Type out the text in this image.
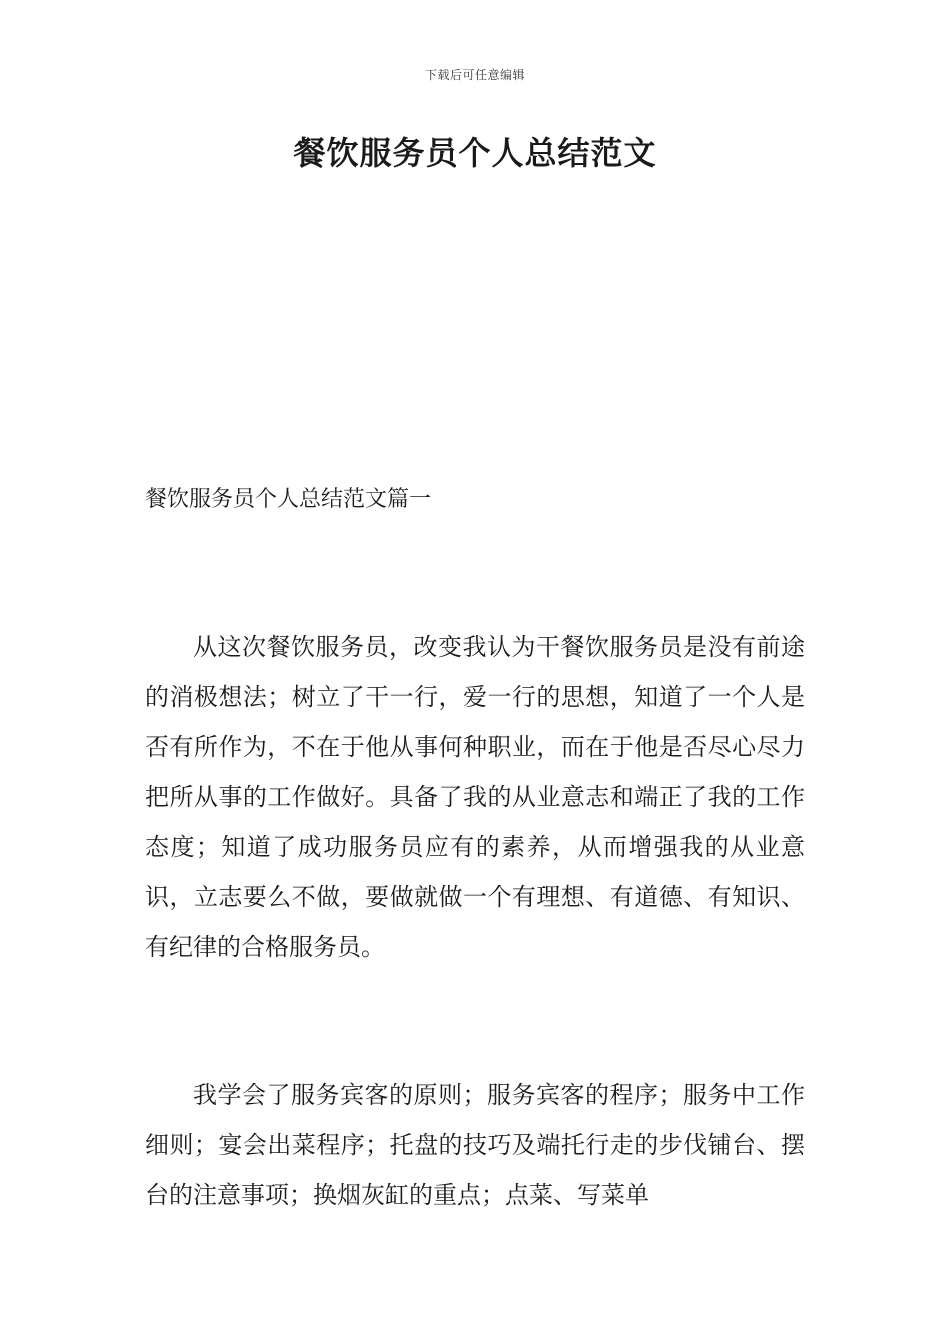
下载后可任意编辑
餐饮服务员个人总结范文
餐饮服务员个人总结范文篇一

从这次餐饮服务员，改变我认为干餐饮服务员是没有前途的消极想法；树立了干一行，爱一行的思想，知道了一个人是否有所作为，不在于他从事何种职业，而在于他是否尽心尽力把所从事的工作做好。具备了我的从业意志和端正了我的工作态度；知道了成功服务员应有的素养，从而增强我的从业意识，立志要么不做，要做就做一个有理想、有道德、有知识、有纪律的合格服务员。

我学会了服务宾客的原则；服务宾客的程序；服务中工作细则；宴会出菜程序；托盘的技巧及端托行走的步伐铺台、摆台的注意事项；换烟灰缸的重点；点菜、写菜单
